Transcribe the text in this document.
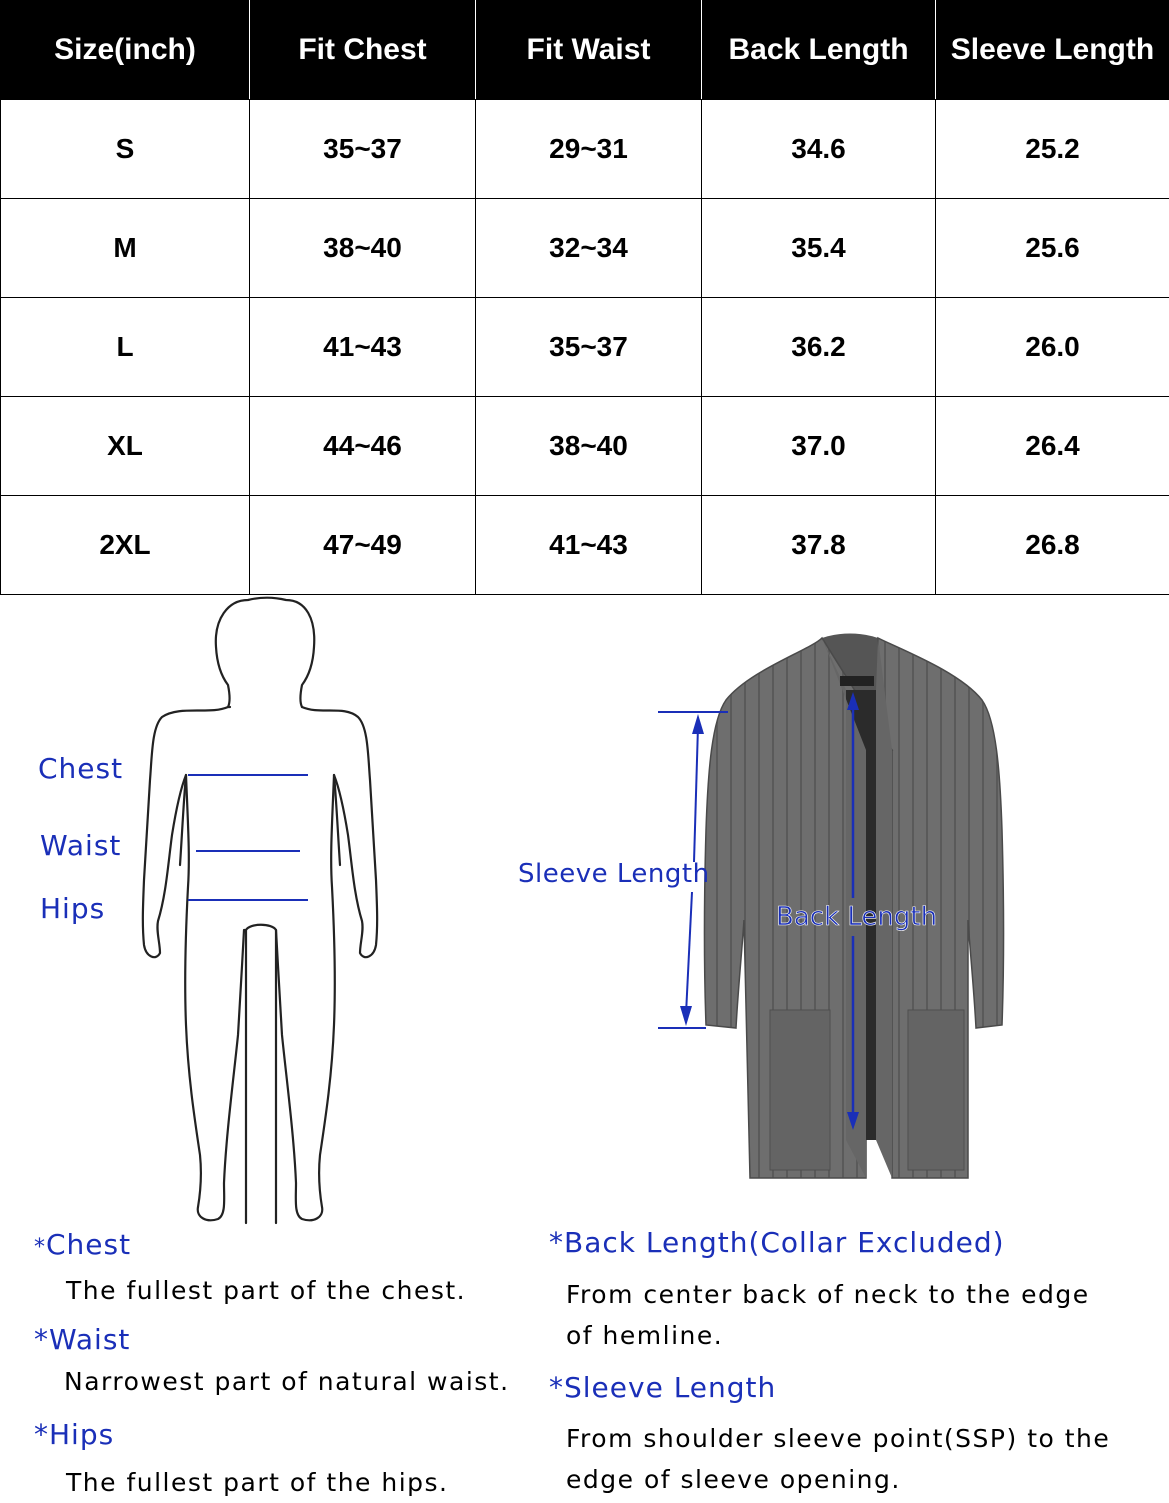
Size(inch)	Fit Chest	Fit Waist	Back Length	Sleeve Length
S	35~37	29~31	34.6	25.2
M	38~40	32~34	35.4	25.6
L	41~43	35~37	36.2	26.0
XL	44~46	38~40	37.0	26.4
2XL	47~49	41~43	37.8	26.8
Chest
Waist
Hips
Sleeve Length
Back Length
*Chest
The fullest part of the chest.
*Waist
Narrowest part of natural waist.
*Hips
The fullest part of the hips.
*Back Length(Collar Excluded)
From center back of neck to the edge of hemline.
*Sleeve Length
From shoulder sleeve point(SSP) to the edge of sleeve opening.
